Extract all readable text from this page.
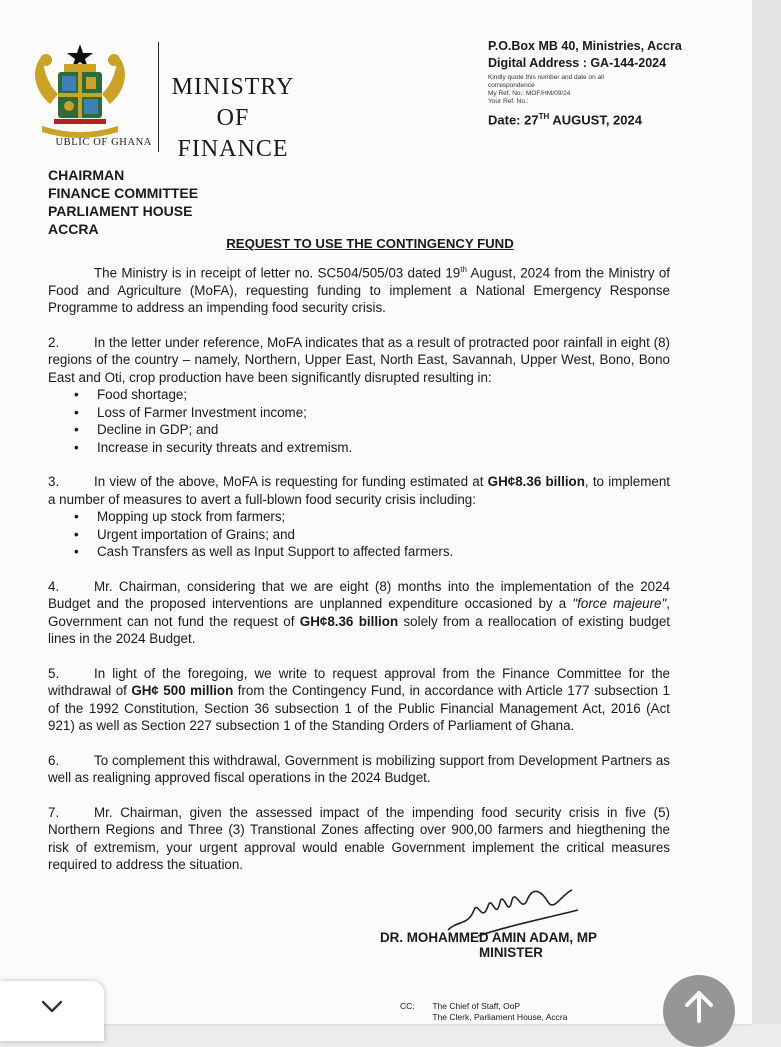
UBLIC OF GHANA
MINISTRY
OF
FINANCE
P.O.Box MB 40, Ministries, Accra
Digital Address : GA-144-2024
Kindly quote this number and date on all
correspondence
My Ref. No.: MOF/HM/09/24
Your Ref. No.:
Date: 27TH AUGUST, 2024
CHAIRMAN
FINANCE COMMITTEE
PARLIAMENT HOUSE
ACCRA
REQUEST TO USE THE CONTINGENCY FUND

The Ministry is in receipt of letter no. SC504/505/03 dated 19th August, 2024 from the Ministry of Food and Agriculture (MoFA), requesting funding to implement a National Emergency Response Programme to address an impending food security crisis.

2.	In the letter under reference, MoFA indicates that as a result of protracted poor rainfall in eight (8) regions of the country – namely, Northern, Upper East, North East, Savannah, Upper West, Bono, Bono East and Oti, crop production have been significantly disrupted resulting in:

• Food shortage;
• Loss of Farmer Investment income;
• Decline in GDP; and
• Increase in security threats and extremism.

3.	In view of the above, MoFA is requesting for funding estimated at GH¢8.36 billion, to implement a number of measures to avert a full-blown food security crisis including:

• Mopping up stock from farmers;
• Urgent importation of Grains; and
• Cash Transfers as well as Input Support to affected farmers.

4.	Mr. Chairman, considering that we are eight (8) months into the implementation of the 2024 Budget and the proposed interventions are unplanned expenditure occasioned by a "force majeure", Government can not fund the request of GH¢8.36 billion solely from a reallocation of existing budget lines in the 2024 Budget.

5.	In light of the foregoing, we write to request approval from the Finance Committee for the withdrawal of GH¢ 500 million from the Contingency Fund, in accordance with Article 177 subsection 1 of the 1992 Constitution, Section 36 subsection 1 of the Public Financial Management Act, 2016 (Act 921) as well as Section 227 subsection 1 of the Standing Orders of Parliament of Ghana.

6.	To complement this withdrawal, Government is mobilizing support from Development Partners as well as realigning approved fiscal operations in the 2024 Budget.

7.	Mr. Chairman, given the assessed impact of the impending food security crisis in five (5) Northern Regions and Three (3) Transtional Zones affecting over 900,00 farmers and hiegthening the risk of extremism, your urgent approval would enable Government implement the critical measures required to address the situation.

DR. MOHAMMED AMIN ADAM, MP
MINISTER
CC: The Chief of Staff, OoP
The Clerk, Parliament House, Accra
